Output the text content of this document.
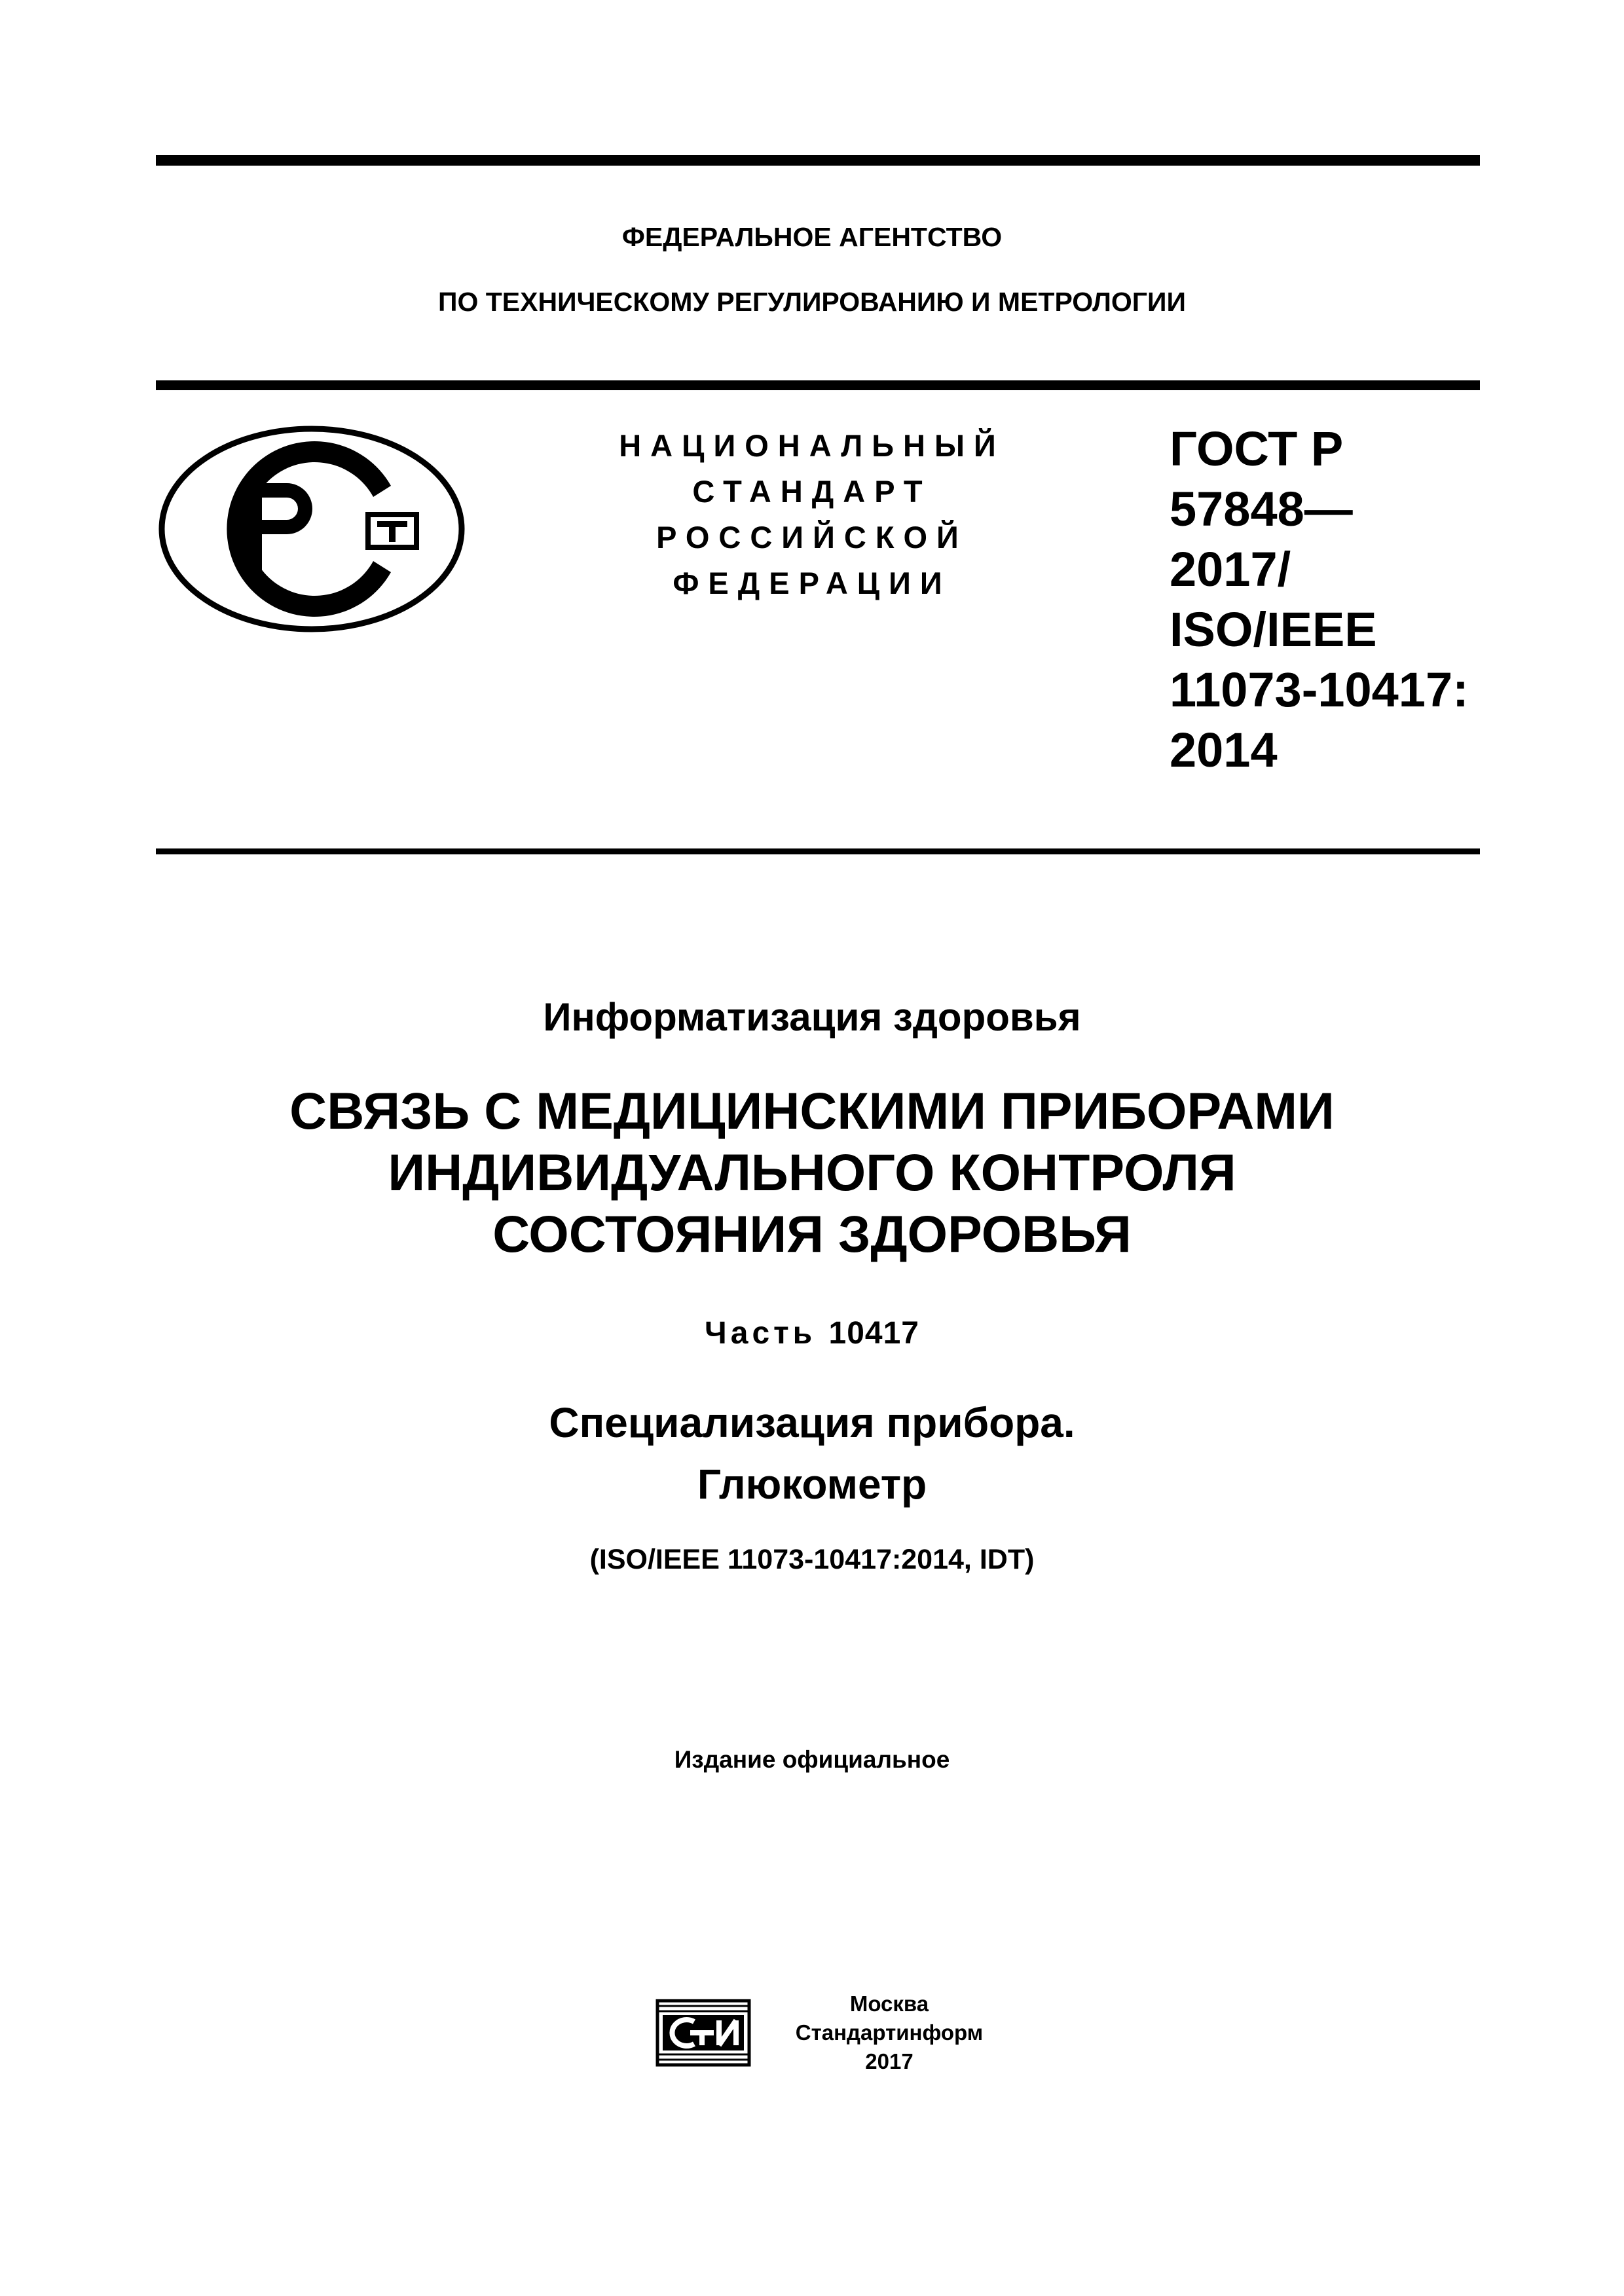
ФЕДЕРАЛЬНОЕ АГЕНТСТВО
ПО ТЕХНИЧЕСКОМУ РЕГУЛИРОВАНИЮ И МЕТРОЛОГИИ
НАЦИОНАЛЬНЫЙ
СТАНДАРТ
РОССИЙСКОЙ
ФЕДЕРАЦИИ
ГОСТ Р
57848—
2017/
ISO/IEEE
11073-10417:
2014
Информатизация здоровья
СВЯЗЬ С МЕДИЦИНСКИМИ ПРИБОРАМИ
ИНДИВИДУАЛЬНОГО КОНТРОЛЯ
СОСТОЯНИЯ ЗДОРОВЬЯ
Часть 10417
Специализация прибора.
Глюкометр
(ISO/IEEE 11073-10417:2014, IDT)
Издание официальное
Москва
Стандартинформ
2017
